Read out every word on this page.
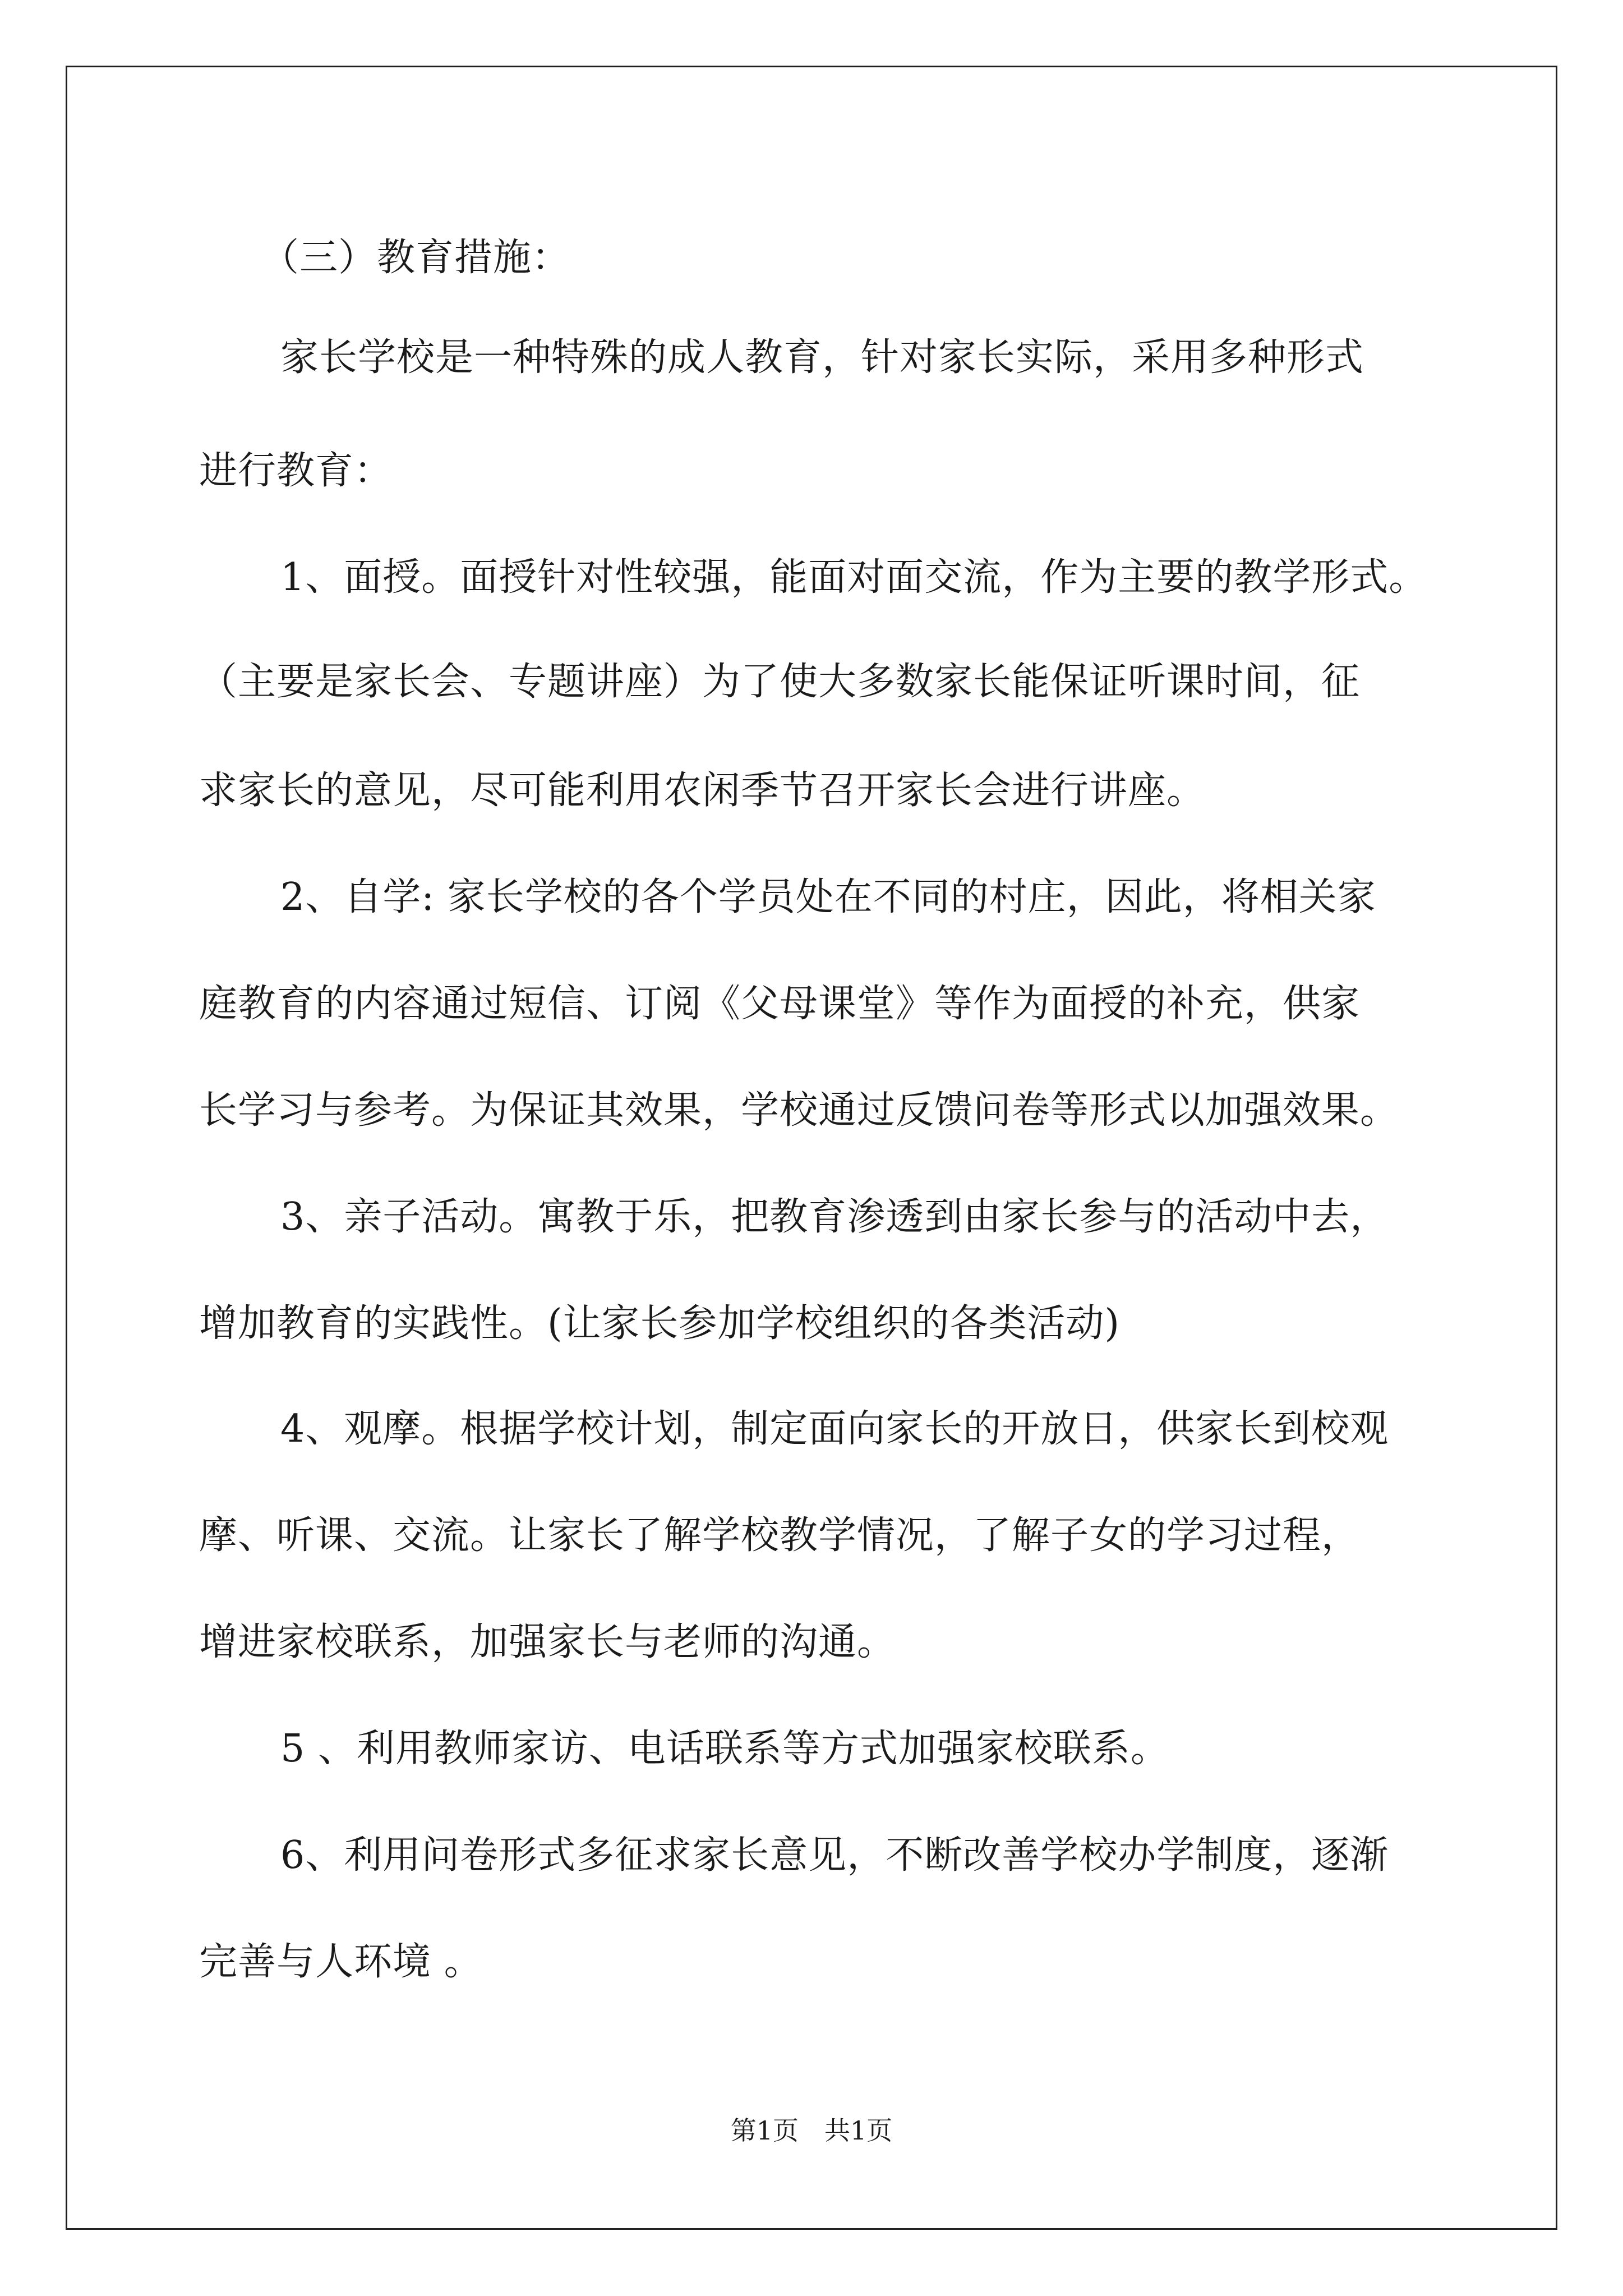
（三）教育措施：
家长学校是一种特殊的成人教育，针对家长实际，采用多种形式
进行教育：
1、面授。面授针对性较强，能面对面交流，作为主要的教学形式。
（主要是家长会、专题讲座）为了使大多数家长能保证听课时间，征
求家长的意见，尽可能利用农闲季节召开家长会进行讲座。
2、自学: 家长学校的各个学员处在不同的村庄，因此，将相关家
庭教育的内容通过短信、订阅《父母课堂》等作为面授的补充，供家
长学习与参考。为保证其效果，学校通过反馈问卷等形式以加强效果。
3、亲子活动。寓教于乐，把教育渗透到由家长参与的活动中去，
增加教育的实践性。(让家长参加学校组织的各类活动)
4、观摩。根据学校计划，制定面向家长的开放日，供家长到校观
摩、听课、交流。让家长了解学校教学情况，了解子女的学习过程，
增进家校联系，加强家长与老师的沟通。
5 、利用教师家访、电话联系等方式加强家校联系。
6、利用问卷形式多征求家长意见，不断改善学校办学制度，逐渐
完善与人环境 。
第1页　共1页
